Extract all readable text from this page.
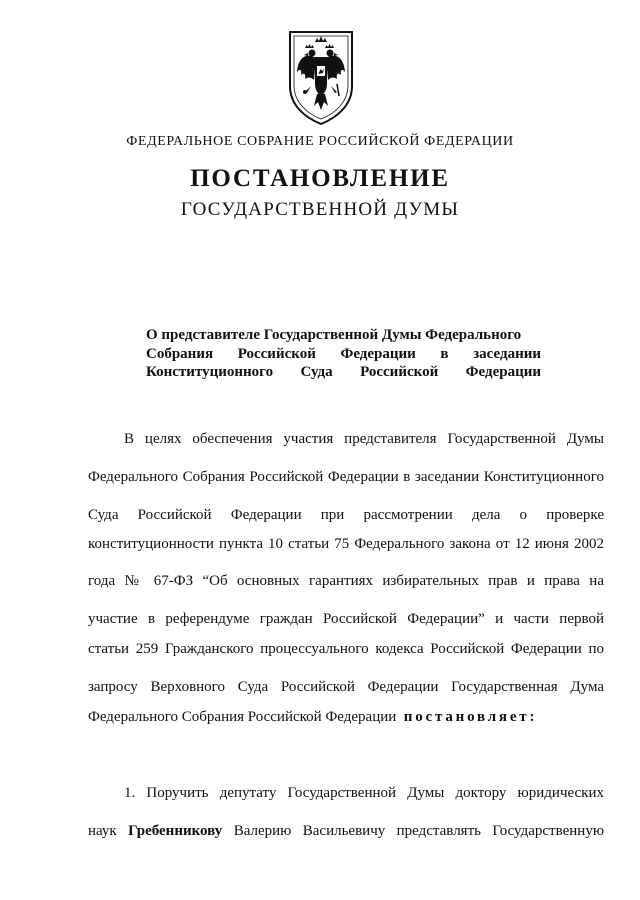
ФЕДЕРАЛЬНОЕ СОБРАНИЕ РОССИЙСКОЙ ФЕДЕРАЦИИ
ПОСТАНОВЛЕНИЕ
ГОСУДАРСТВЕННОЙ ДУМЫ
О представителе Государственной Думы Федерального
Собрания Российской Федерации в заседании
Конституционного Суда Российской Федерации
В целях обеспечения участия представителя Государственной Думы
Федерального Собрания Российской Федерации в заседании Конституционного
Суда Российской Федерации при рассмотрении дела о проверке
конституционности пункта 10 статьи 75 Федерального закона от 12 июня 2002
года № 67-ФЗ “Об основных гарантиях избирательных прав и права на
участие в референдуме граждан Российской Федерации” и части первой
статьи 259 Гражданского процессуального кодекса Российской Федерации по
запросу Верховного Суда Российской Федерации Государственная Дума
Федерального Собрания Российской Федерации постановляет:
1. Поручить депутату Государственной Думы доктору юридических
наук Гребенникову Валерию Васильевичу представлять Государственную
